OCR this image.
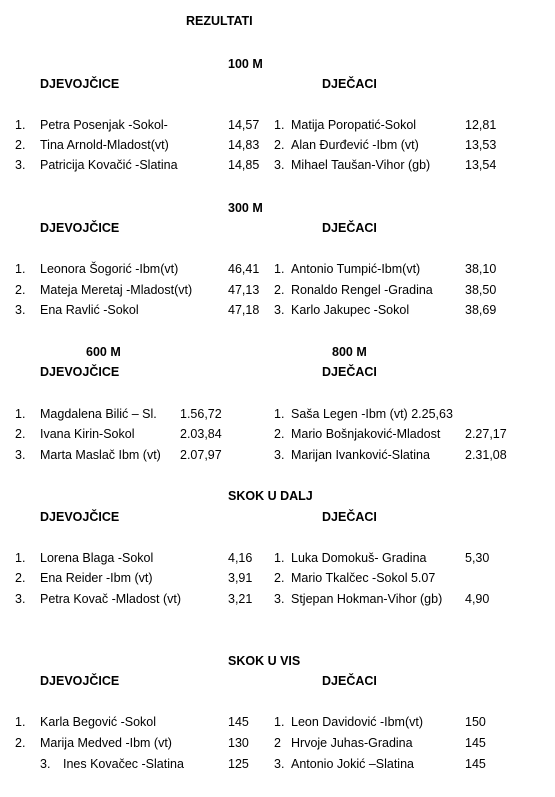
REZULTATI
100 M
DJEVOJČICE	DJEČACI
1. Petra Posenjak -Sokol-	14,57
2. Tina Arnold-Mladost(vt)	14,83
3. Patricija Kovačić -Slatina	14,85
1. Matija Poropatić-Sokol	12,81
2. Alan Đurđević -Ibm (vt)	13,53
3. Mihael Taušan-Vihor (gb)	13,54
300 M
DJEVOJČICE	DJEČACI
1. Leonora Šogorić -Ibm(vt)	46,41
2. Mateja Meretaj -Mladost(vt)	47,13
3. Ena Ravlić -Sokol	47,18
1. Antonio Tumpić-Ibm(vt)	38,10
2. Ronaldo Rengel -Gradina	38,50
3. Karlo Jakupec -Sokol	38,69
600 M	800 M
DJEVOJČICE	DJEČACI
1. Magdalena Bilić – Sl. 1.56,72
2. Ivana Kirin-Sokol	2.03,84
3. Marta Maslač Ibm (vt) 2.07,97
1. Saša Legen -Ibm (vt) 2.25,63
2. Mario Bošnjaković-Mladost 2.27,17
3. Marijan Ivanković-Slatina	2.31,08
SKOK U DALJ
DJEVOJČICE	DJEČACI
1. Lorena Blaga -Sokol	4,16
2. Ena Reider -Ibm (vt)	3,91
3. Petra Kovač -Mladost (vt)	3,21
1. Luka Domokuš- Gradina	5,30
2. Mario Tkalčec -Sokol 5.07
3. Stjepan Hokman-Vihor (gb) 4,90
SKOK U VIS
DJEVOJČICE	DJEČACI
1. Karla Begović -Sokol	145
2. Marija Medved -Ibm (vt)	130
3. Ines Kovačec -Slatina	125
1. Leon Davidović -Ibm(vt)	150
2 Hrvoje Juhas-Gradina	145
3. Antonio Jokić –Slatina	145
